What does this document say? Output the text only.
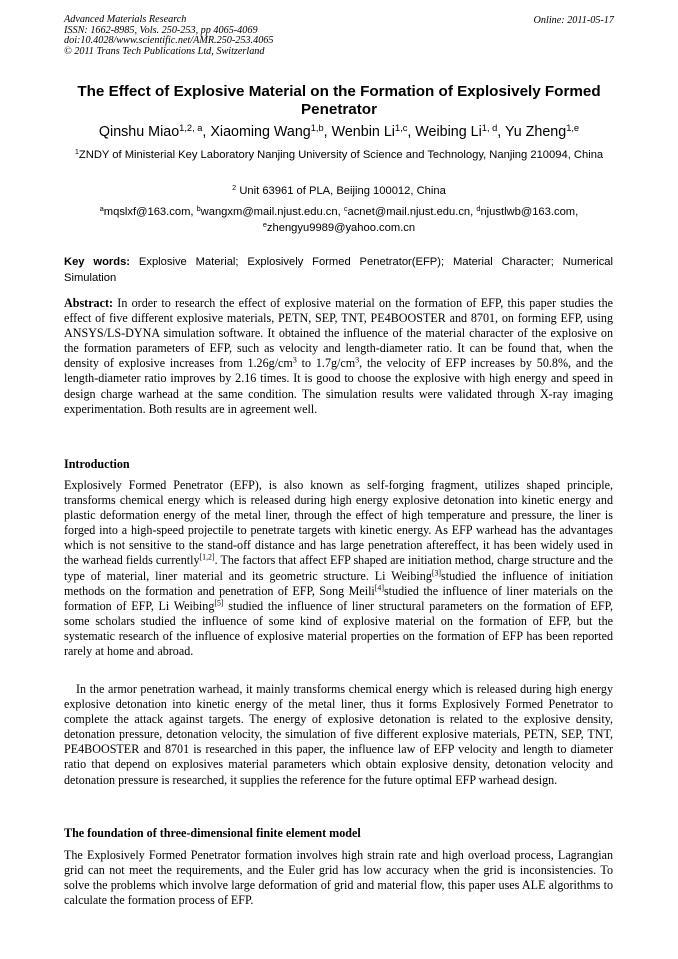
Advanced Materials Research
ISSN: 1662-8985, Vols. 250-253, pp 4065-4069
doi:10.4028/www.scientific.net/AMR.250-253.4065
© 2011 Trans Tech Publications Ltd, Switzerland
Online: 2011-05-17
The Effect of Explosive Material on the Formation of Explosively Formed Penetrator
Qinshu Miao$^{1,2, a}$, Xiaoming Wang$^{1,b}$, Wenbin Li$^{1,c}$, Weibing Li$^{1, d}$, Yu Zheng$^{1,e}$
$^1$ZNDY of Ministerial Key Laboratory Nanjing University of Science and Technology, Nanjing 210094, China
$^2$ Unit 63961 of PLA, Beijing 100012, China
$^a$mqslxf@163.com, $^b$wangxm@mail.njust.edu.cn, $^c$acnet@mail.njust.edu.cn, $^d$njustlwb@163.com,
$^e$zhengyu9989@yahoo.com.cn
Key words: Explosive Material; Explosively Formed Penetrator(EFP); Material Character; Numerical Simulation
Abstract: In order to research the effect of explosive material on the formation of EFP, this paper studies the effect of five different explosive materials, PETN, SEP, TNT, PE4BOOSTER and 8701, on forming EFP, using ANSYS/LS-DYNA simulation software. It obtained the influence of the material character of the explosive on the formation parameters of EFP, such as velocity and length-diameter ratio. It can be found that, when the density of explosive increases from $1.26g/cm^3$ to $1.7g/cm^3$, the velocity of EFP increases by 50.8%, and the length-diameter ratio improves by 2.16 times. It is good to choose the explosive with high energy and speed in design charge warhead at the same condition. The simulation results were validated through X-ray imaging experimentation. Both results are in agreement well.
Introduction
Explosively Formed Penetrator (EFP), is also known as self-forging fragment, utilizes shaped principle, transforms chemical energy which is released during high energy explosive detonation into kinetic energy and plastic deformation energy of the metal liner, through the effect of high temperature and pressure, the liner is forged into a high-speed projectile to penetrate targets with kinetic energy. As EFP warhead has the advantages which is not sensitive to the stand-off distance and has large penetration aftereffect, it has been widely used in the warhead fields currently[1,2]. The factors that affect EFP shaped are initiation method, charge structure and the type of material, liner material and its geometric structure. Li Weibing[3]studied the influence of initiation methods on the formation and penetration of EFP, Song Meili[4]studied the influence of liner materials on the formation of EFP, Li Weibing[5] studied the influence of liner structural parameters on the formation of EFP, some scholars studied the influence of some kind of explosive material on the formation of EFP, but the systematic research of the influence of explosive material properties on the formation of EFP has been reported rarely at home and abroad.
In the armor penetration warhead, it mainly transforms chemical energy which is released during high energy explosive detonation into kinetic energy of the metal liner, thus it forms Explosively Formed Penetrator to complete the attack against targets. The energy of explosive detonation is related to the explosive density, detonation pressure, detonation velocity, the simulation of five different explosive materials, PETN, SEP, TNT, PE4BOOSTER and 8701 is researched in this paper, the influence law of EFP velocity and length to diameter ratio that depend on explosives material parameters which obtain explosive density, detonation velocity and detonation pressure is researched, it supplies the reference for the future optimal EFP warhead design.
The foundation of three-dimensional finite element model
The Explosively Formed Penetrator formation involves high strain rate and high overload process, Lagrangian grid can not meet the requirements, and the Euler grid has low accuracy when the grid is inconsistencies. To solve the problems which involve large deformation of grid and material flow, this paper uses ALE algorithms to calculate the formation process of EFP.
